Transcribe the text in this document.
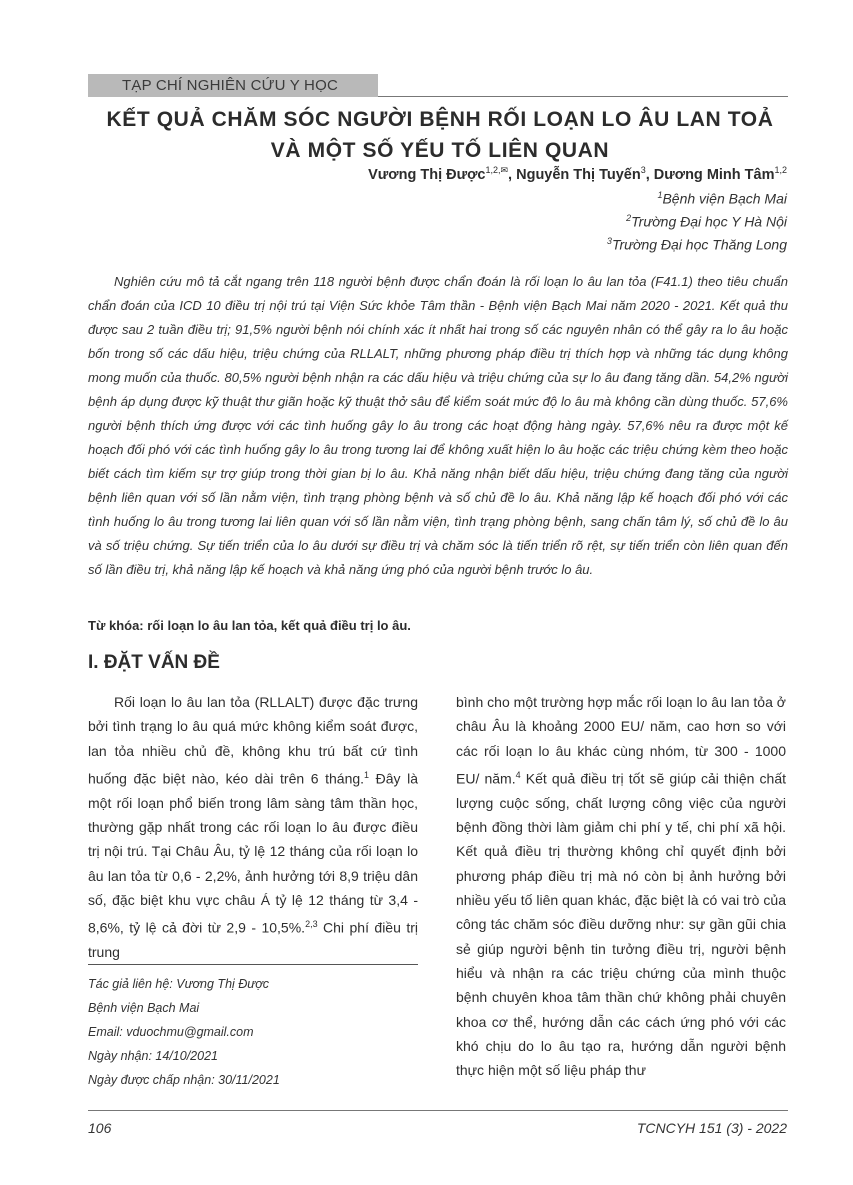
TẠP CHÍ NGHIÊN CỨU Y HỌC
KẾT QUẢ CHĂM SÓC NGƯỜI BỆNH RỐI LOẠN LO ÂU LAN TOẢ
VÀ MỘT SỐ YẾU TỐ LIÊN QUAN
Vương Thị Được$^{1,2,✉}$, Nguyễn Thị Tuyến$^3$, Dương Minh Tâm$^{1,2}$
$^1$Bệnh viện Bạch Mai
$^2$Trường Đại học Y Hà Nội
$^3$Trường Đại học Thăng Long

Nghiên cứu mô tả cắt ngang trên 118 người bệnh được chẩn đoán là rối loạn lo âu lan tỏa (F41.1) theo tiêu chuẩn chẩn đoán của ICD 10 điều trị nội trú tại Viện Sức khỏe Tâm thần - Bệnh viện Bạch Mai năm 2020 - 2021. Kết quả thu được sau 2 tuần điều trị; 91,5% người bệnh nói chính xác ít nhất hai trong số các nguyên nhân có thể gây ra lo âu hoặc bốn trong số các dấu hiệu, triệu chứng của RLLALT, những phương pháp điều trị thích hợp và những tác dụng không mong muốn của thuốc. 80,5% người bệnh nhận ra các dấu hiệu và triệu chứng của sự lo âu đang tăng dần. 54,2% người bệnh áp dụng được kỹ thuật thư giãn hoặc kỹ thuật thở sâu để kiểm soát mức độ lo âu mà không cần dùng thuốc. 57,6% người bệnh thích ứng được với các tình huống gây lo âu trong các hoạt động hàng ngày. 57,6% nêu ra được một kế hoạch đối phó với các tình huống gây lo âu trong tương lai để không xuất hiện lo âu hoặc các triệu chứng kèm theo hoặc biết cách tìm kiếm sự trợ giúp trong thời gian bị lo âu. Khả năng nhận biết dấu hiệu, triệu chứng đang tăng của người bệnh liên quan với số lần nằm viện, tình trạng phòng bệnh và số chủ đề lo âu. Khả năng lập kế hoạch đối phó với các tình huống lo âu trong tương lai liên quan với số lần nằm viện, tình trạng phòng bệnh, sang chấn tâm lý, số chủ đề lo âu và số triệu chứng. Sự tiến triển của lo âu dưới sự điều trị và chăm sóc là tiến triển rõ rệt, sự tiến triển còn liên quan đến số lần điều trị, khả năng lập kế hoạch và khả năng ứng phó của người bệnh trước lo âu.

Từ khóa: rối loạn lo âu lan tỏa, kết quả điều trị lo âu.
I. ĐẶT VẤN ĐỀ

Rối loạn lo âu lan tỏa (RLLALT) được đặc trưng bởi tình trạng lo âu quá mức không kiểm soát được, lan tỏa nhiều chủ đề, không khu trú bất cứ tình huống đặc biệt nào, kéo dài trên 6 tháng.$^1$ Đây là một rối loạn phổ biến trong lâm sàng tâm thần học, thường gặp nhất trong các rối loạn lo âu được điều trị nội trú. Tại Châu Âu, tỷ lệ 12 tháng của rối loạn lo âu lan tỏa từ 0,6 - 2,2%, ảnh hưởng tới 8,9 triệu dân số, đặc biệt khu vực châu Á tỷ lệ 12 tháng từ 3,4 - 8,6%, tỷ lệ cả đời từ 2,9 - 10,5%.$^{2,3}$ Chi phí điều trị trung

bình cho một trường hợp mắc rối loạn lo âu lan tỏa ở châu Âu là khoảng 2000 EU/ năm, cao hơn so với các rối loạn lo âu khác cùng nhóm, từ 300 - 1000 EU/ năm.$^4$ Kết quả điều trị tốt sẽ giúp cải thiện chất lượng cuộc sống, chất lượng công việc của người bệnh đồng thời làm giảm chi phí y tế, chi phí xã hội. Kết quả điều trị thường không chỉ quyết định bởi phương pháp điều trị mà nó còn bị ảnh hưởng bởi nhiều yếu tố liên quan khác, đặc biệt là có vai trò của công tác chăm sóc điều dưỡng như: sự gần gũi chia sẻ giúp người bệnh tin tưởng điều trị, người bệnh hiểu và nhận ra các triệu chứng của mình thuộc bệnh chuyên khoa tâm thần chứ không phải chuyên khoa cơ thể, hướng dẫn các cách ứng phó với các khó chịu do lo âu tạo ra, hướng dẫn người bệnh thực hiện một số liệu pháp thư

Tác giả liên hệ: Vương Thị Được
Bệnh viện Bạch Mai
Email: vduochmu@gmail.com
Ngày nhận: 14/10/2021
Ngày được chấp nhận: 30/11/2021
106	TCNCYH 151 (3) - 2022
